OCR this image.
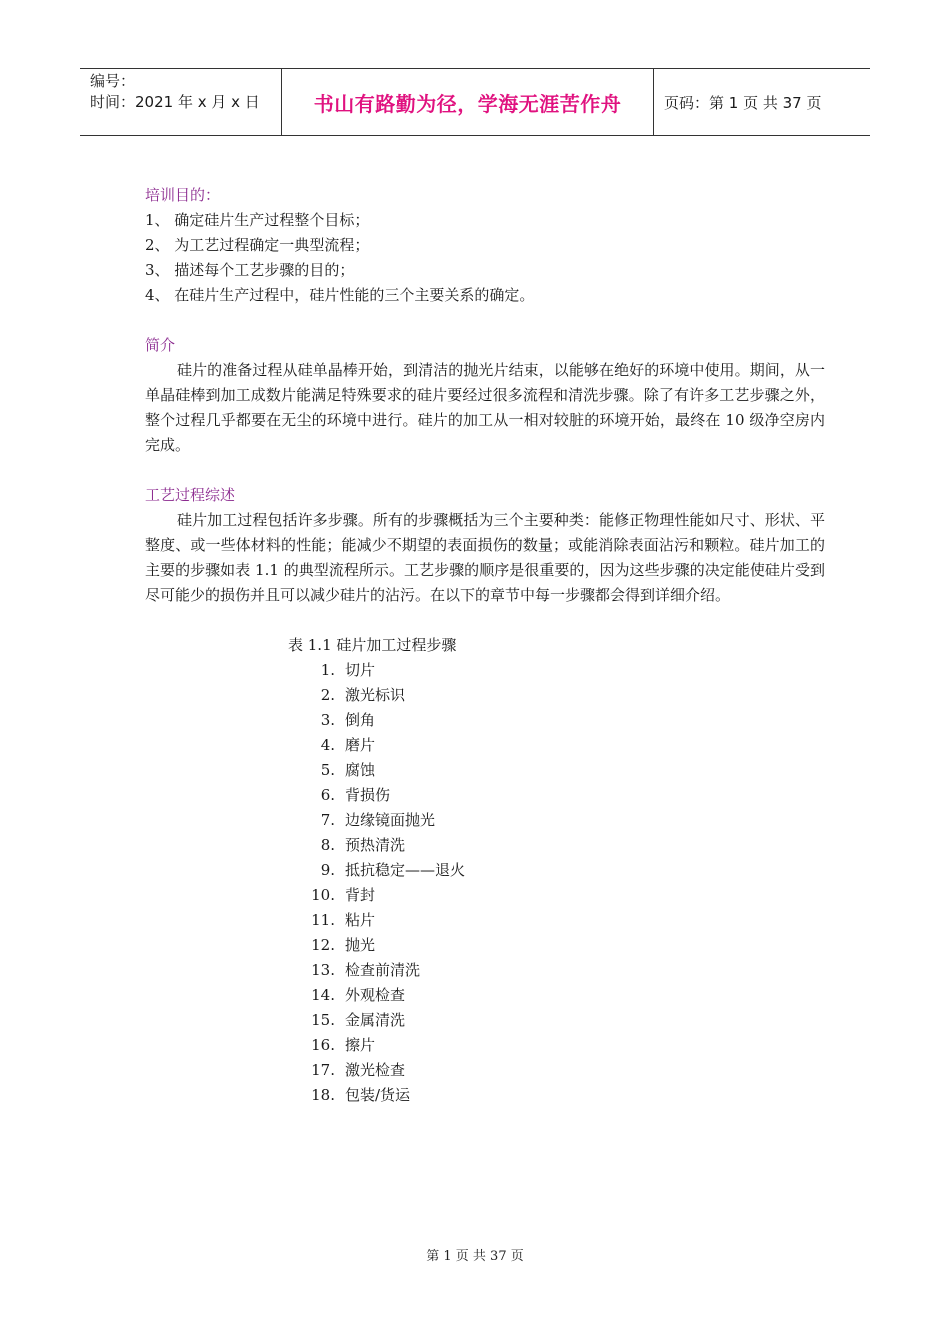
编号：
时间：2021 年 x 月 x 日	书山有路勤为径，学海无涯苦作舟	页码：第 1 页 共 37 页
培训目的：
1、 确定硅片生产过程整个目标；
2、 为工艺过程确定一典型流程；
3、 描述每个工艺步骤的目的；
4、 在硅片生产过程中，硅片性能的三个主要关系的确定。
简介
硅片的准备过程从硅单晶棒开始，到清洁的抛光片结束，以能够在绝好的环境中使用。期间，从一单晶硅棒到加工成数片能满足特殊要求的硅片要经过很多流程和清洗步骤。除了有许多工艺步骤之外，整个过程几乎都要在无尘的环境中进行。硅片的加工从一相对较脏的环境开始，最终在 10 级净空房内完成。
工艺过程综述
硅片加工过程包括许多步骤。所有的步骤概括为三个主要种类：能修正物理性能如尺寸、形状、平整度、或一些体材料的性能；能减少不期望的表面损伤的数量；或能消除表面沾污和颗粒。硅片加工的主要的步骤如表 1.1 的典型流程所示。工艺步骤的顺序是很重要的，因为这些步骤的决定能使硅片受到尽可能少的损伤并且可以减少硅片的沾污。在以下的章节中每一步骤都会得到详细介绍。
表 1.1 硅片加工过程步骤
1. 切片
2. 激光标识
3. 倒角
4. 磨片
5. 腐蚀
6. 背损伤
7. 边缘镜面抛光
8. 预热清洗
9. 抵抗稳定——退火
10. 背封
11. 粘片
12. 抛光
13. 检查前清洗
14. 外观检查
15. 金属清洗
16. 擦片
17. 激光检查
18. 包装/货运
第 1 页 共 37 页
